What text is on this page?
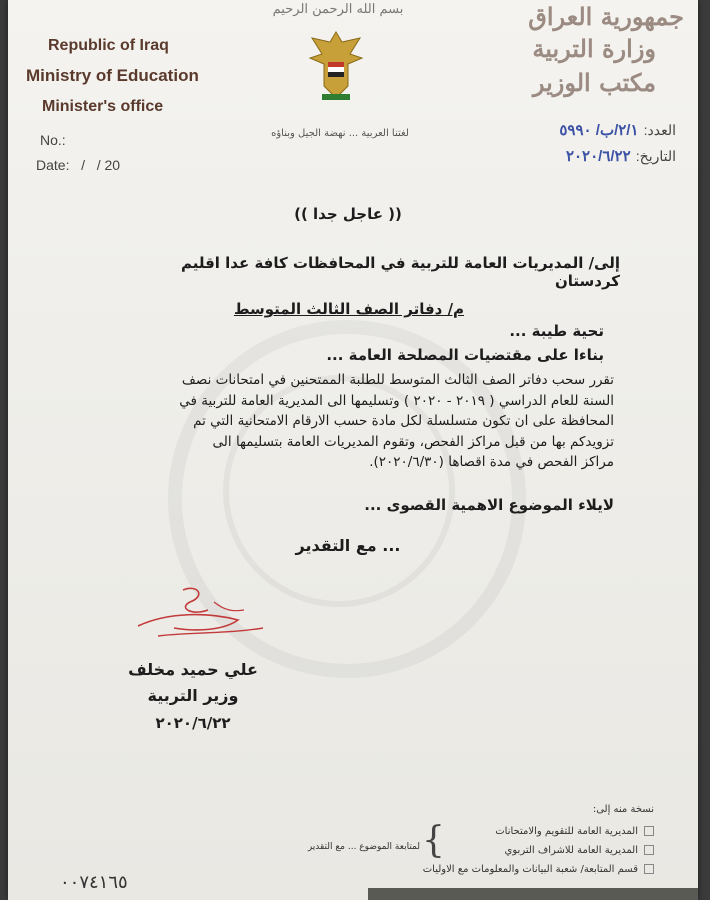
بسم الله الرحمن الرحيم
Republic of Iraq
Ministry of Education
Minister's office
جمهورية العراق
وزارة التربية
مكتب الوزير
لغتنا العربية ... نهضة الجيل وبناؤه
No.:
Date:   /   / 20
العدد: ٢/١/ب/ ٥٩٩٠
التاريخ: ٢٠٢٠/٦/٢٢
(( عاجل جدا ))
إلى/ المديريات العامة للتربية في المحافظات كافة عدا اقليم كردستان
م/ دفاتر الصف الثالث المتوسط
تحية طيبة ...
بناءا على مقتضيات المصلحة العامة ...
تقرر سحب دفاتر الصف الثالث المتوسط للطلبة الممتحنين في امتحانات نصف
السنة للعام الدراسي ( ٢٠١٩ - ٢٠٢٠ ) وتسليمها الى المديرية العامة للتربية في
المحافظة على ان تكون متسلسلة لكل مادة حسب الارقام الامتحانية التي تم
تزويدكم بها من قبل مراكز الفحص، وتقوم المديريات العامة بتسليمها الى
مراكز الفحص في مدة اقصاها (٢٠٢٠/٦/٣٠).
لايلاء الموضوع الاهمية القصوى ...
... مع التقدير
علي حميد مخلف
وزير التربية
٢٠٢٠/٦/٢٢
نسخة منه إلى:
المديرية العامة للتقويم والامتحانات
المديرية العامة للاشراف التربوي
قسم المتابعة/ شعبة البيانات والمعلومات مع الاوليات
{
لمتابعة الموضوع ... مع التقدير
٠٠٧٤١٦٥
